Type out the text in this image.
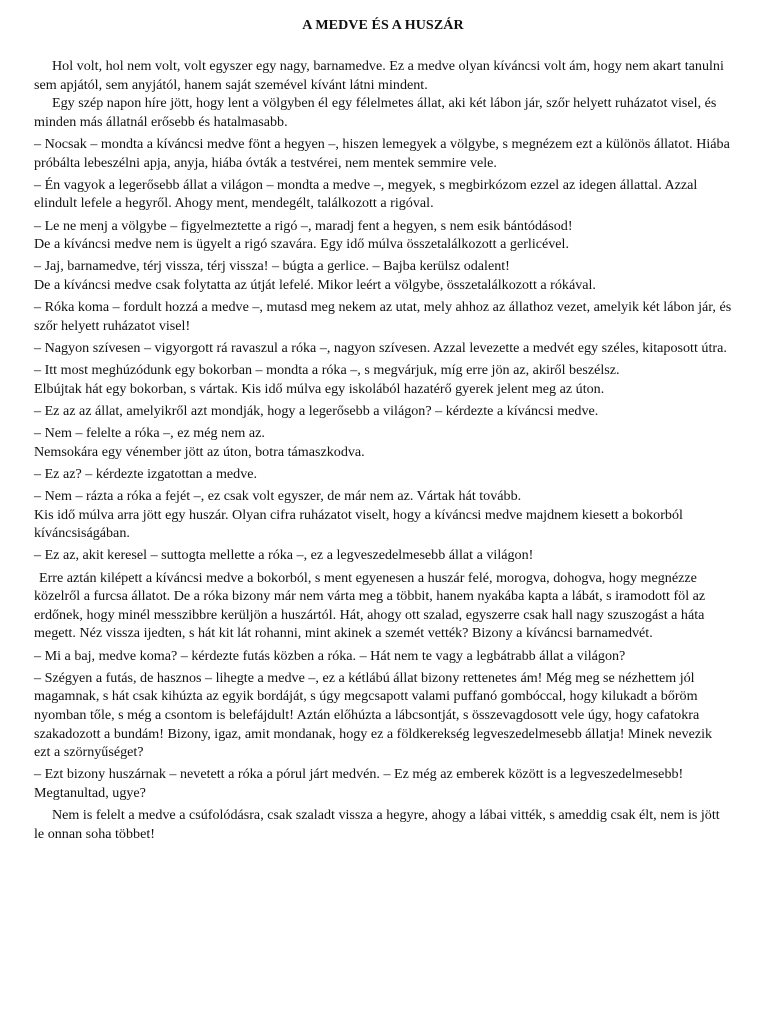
A MEDVE ÉS A HUSZÁR
Hol volt, hol nem volt, volt egyszer egy nagy, barnamedve. Ez a medve olyan kíváncsi volt ám, hogy nem akart tanulni sem apjától, sem anyjától, hanem saját szemével kívánt látni mindent.
Egy szép napon híre jött, hogy lent a völgyben él egy félelmetes állat, aki két lábon jár, szőr helyett ruházatot visel, és minden más állatnál erősebb és hatalmasabb.
– Nocsak – mondta a kíváncsi medve fönt a hegyen –, hiszen lemegyek a völgybe, s megnézem ezt a különös állatot. Hiába próbálta lebeszélni apja, anyja, hiába óvták a testvérei, nem mentek semmire vele.
– Én vagyok a legerősebb állat a világon – mondta a medve –, megyek, s megbirkózom ezzel az idegen állattal. Azzal elindult lefele a hegyről. Ahogy ment, mendegélt, találkozott a rigóval.
– Le ne menj a völgybe – figyelmeztette a rigó –, maradj fent a hegyen, s nem esik bántódásod!
De a kíváncsi medve nem is ügyelt a rigó szavára. Egy idő múlva összetalálkozott a gerlicével.
– Jaj, barnamedve, térj vissza, térj vissza! – búgta a gerlice. – Bajba kerülsz odalent!
De a kíváncsi medve csak folytatta az útját lefelé. Mikor leért a völgybe, összetalálkozott a rókával.
– Róka koma – fordult hozzá a medve –, mutasd meg nekem az utat, mely ahhoz az állathoz vezet, amelyik két lábon jár, és szőr helyett ruházatot visel!
– Nagyon szívesen – vigyorgott rá ravaszul a róka –, nagyon szívesen. Azzal levezette a medvét egy széles, kitaposott útra.
– Itt most meghúzódunk egy bokorban – mondta a róka –, s megvárjuk, míg erre jön az, akiről beszélsz.
Elbújtak hát egy bokorban, s vártak. Kis idő múlva egy iskolából hazatérő gyerek jelent meg az úton.
– Ez az az állat, amelyikről azt mondják, hogy a legerősebb a világon? – kérdezte a kíváncsi medve.
– Nem – felelte a róka –, ez még nem az.
Nemsokára egy vénember jött az úton, botra támaszkodva.
– Ez az? – kérdezte izgatottan a medve.
– Nem – rázta a róka a fejét –, ez csak volt egyszer, de már nem az. Vártak hát tovább.
Kis idő múlva arra jött egy huszár. Olyan cifra ruházatot viselt, hogy a kíváncsi medve majdnem kiesett a bokorból kíváncsiságában.
– Ez az, akit keresel – suttogta mellette a róka –, ez a legveszedelmesebb állat a világon!
Erre aztán kilépett a kíváncsi medve a bokorból, s ment egyenesen a huszár felé, morogva, dohogva, hogy megnézze közelről a furcsa állatot. De a róka bizony már nem várta meg a többit, hanem nyakába kapta a lábát, s iramodott föl az erdőnek, hogy minél messzibbre kerüljön a huszártól. Hát, ahogy ott szalad, egyszerre csak hall nagy szuszogást a háta megett. Néz vissza ijedten, s hát kit lát rohanni, mint akinek a szemét vették? Bizony a kíváncsi barnamedvét.
– Mi a baj, medve koma? – kérdezte futás közben a róka. – Hát nem te vagy a legbátrabb állat a világon?
– Szégyen a futás, de hasznos – lihegte a medve –, ez a kétlábú állat bizony rettenetes ám! Még meg se nézhettem jól magamnak, s hát csak kihúzta az egyik bordáját, s úgy megcsapott valami puffanó gombóccal, hogy kilukadt a bőröm nyomban tőle, s még a csontom is belefájdult! Aztán előhúzta a lábcsontját, s összevagdosott vele úgy, hogy cafatokra szakadozott a bundám! Bizony, igaz, amit mondanak, hogy ez a földkerekség legveszedelmesebb állatja! Minek nevezik ezt a szörnyűséget?
– Ezt bizony huszárnak – nevetett a róka a pórul járt medvén. – Ez még az emberek között is a legveszedelmesebb! Megtanultad, ugye?
Nem is felelt a medve a csúfolódásra, csak szaladt vissza a hegyre, ahogy a lábai vitték, s ameddig csak élt, nem is jött le onnan soha többet!
